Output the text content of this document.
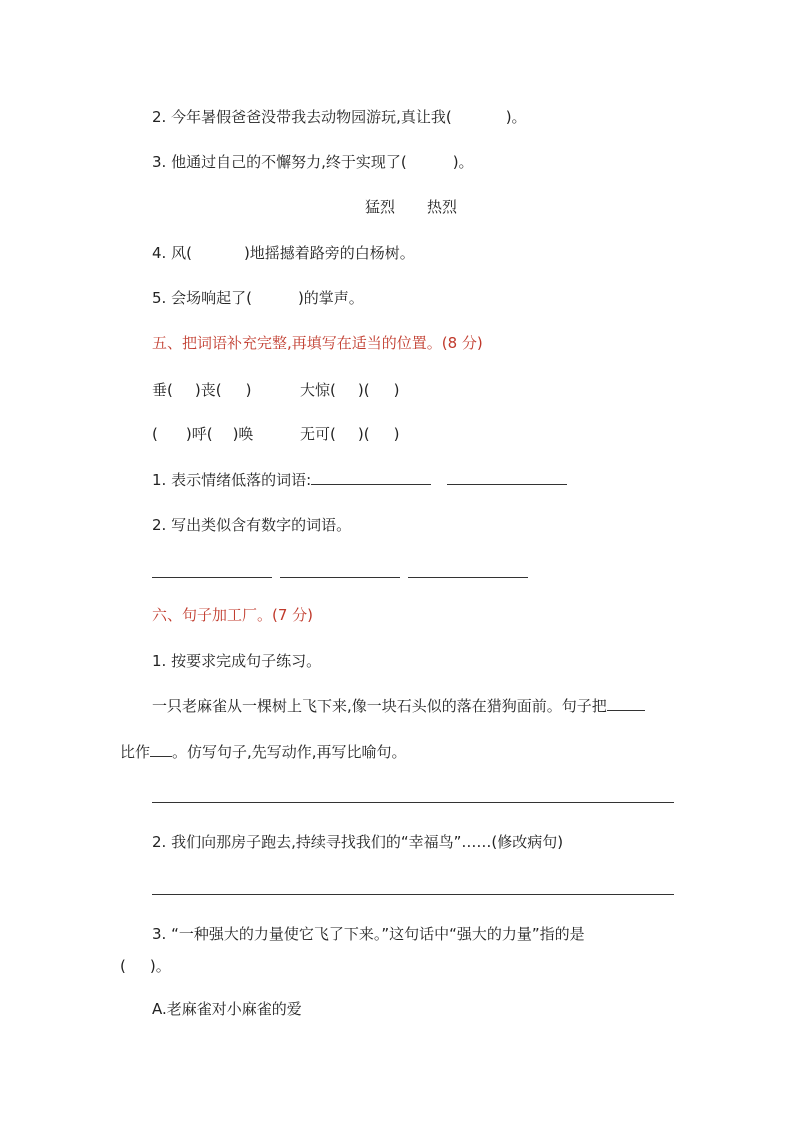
2. 今年暑假爸爸没带我去动物园游玩,真让我(	)。
3. 他通过自己的不懈努力,终于实现了(	)。
猛烈 热烈
4. 风(	)地摇撼着路旁的白杨树。
5. 会场响起了(	)的掌声。
五、把词语补充完整,再填写在适当的位置。(8 分)
垂( )丧( )	大惊( )( )
( )呼( )唤	无可( )( )
1. 表示情绪低落的词语:
2. 写出类似含有数字的词语。
六、句子加工厂。(7 分)
1. 按要求完成句子练习。
一只老麻雀从一棵树上飞下来,像一块石头似的落在猎狗面前。句子把
比作 。仿写句子,先写动作,再写比喻句。
2. 我们向那房子跑去,持续寻找我们的“幸福鸟”……(修改病句)
3. “一种强大的力量使它飞了下来。”这句话中“强大的力量”指的是
( )。
A.老麻雀对小麻雀的爱
